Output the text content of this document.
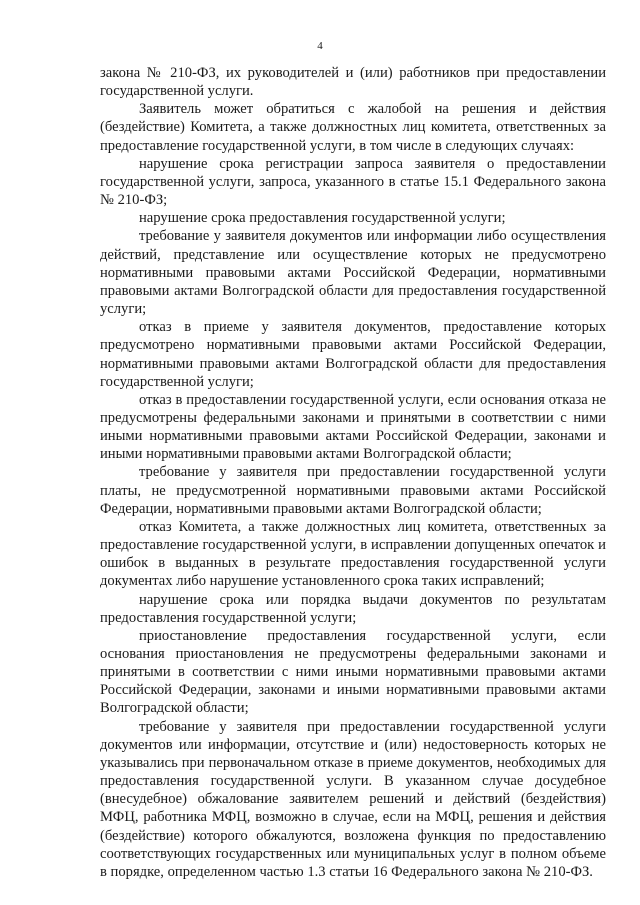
4

закона № 210-ФЗ, их руководителей и (или) работников при предоставлении государственной услуги.

Заявитель может обратиться с жалобой на решения и действия (бездействие) Комитета, а также должностных лиц комитета, ответственных за предоставление государственной услуги, в том числе в следующих случаях:

нарушение срока регистрации запроса заявителя о предоставлении государственной услуги, запроса, указанного в статье 15.1 Федерального закона № 210-ФЗ;

нарушение срока предоставления государственной услуги;

требование у заявителя документов или информации либо осуществления действий, представление или осуществление которых не предусмотрено нормативными правовыми актами Российской Федерации, нормативными правовыми актами Волгоградской области для предоставления государственной услуги;

отказ в приеме у заявителя документов, предоставление которых предусмотрено нормативными правовыми актами Российской Федерации, нормативными правовыми актами Волгоградской области для предоставления государственной услуги;

отказ в предоставлении государственной услуги, если основания отказа не предусмотрены федеральными законами и принятыми в соответствии с ними иными нормативными правовыми актами Российской Федерации, законами и иными нормативными правовыми актами Волгоградской области;

требование у заявителя при предоставлении государственной услуги платы, не предусмотренной нормативными правовыми актами Российской Федерации, нормативными правовыми актами Волгоградской области;

отказ Комитета, а также должностных лиц комитета, ответственных за предоставление государственной услуги, в исправлении допущенных опечаток и ошибок в выданных в результате предоставления государственной услуги документах либо нарушение установленного срока таких исправлений;

нарушение срока или порядка выдачи документов по результатам предоставления государственной услуги;

приостановление предоставления государственной услуги, если основания приостановления не предусмотрены федеральными законами и принятыми в соответствии с ними иными нормативными правовыми актами Российской Федерации, законами и иными нормативными правовыми актами Волгоградской области;

требование у заявителя при предоставлении государственной услуги документов или информации, отсутствие и (или) недостоверность которых не указывались при первоначальном отказе в приеме документов, необходимых для предоставления государственной услуги. В указанном случае досудебное (внесудебное) обжалование заявителем решений и действий (бездействия) МФЦ, работника МФЦ, возможно в случае, если на МФЦ, решения и действия (бездействие) которого обжалуются, возложена функция по предоставлению соответствующих государственных или муниципальных услуг в полном объеме в порядке, определенном частью 1.3 статьи 16 Федерального закона № 210-ФЗ.
